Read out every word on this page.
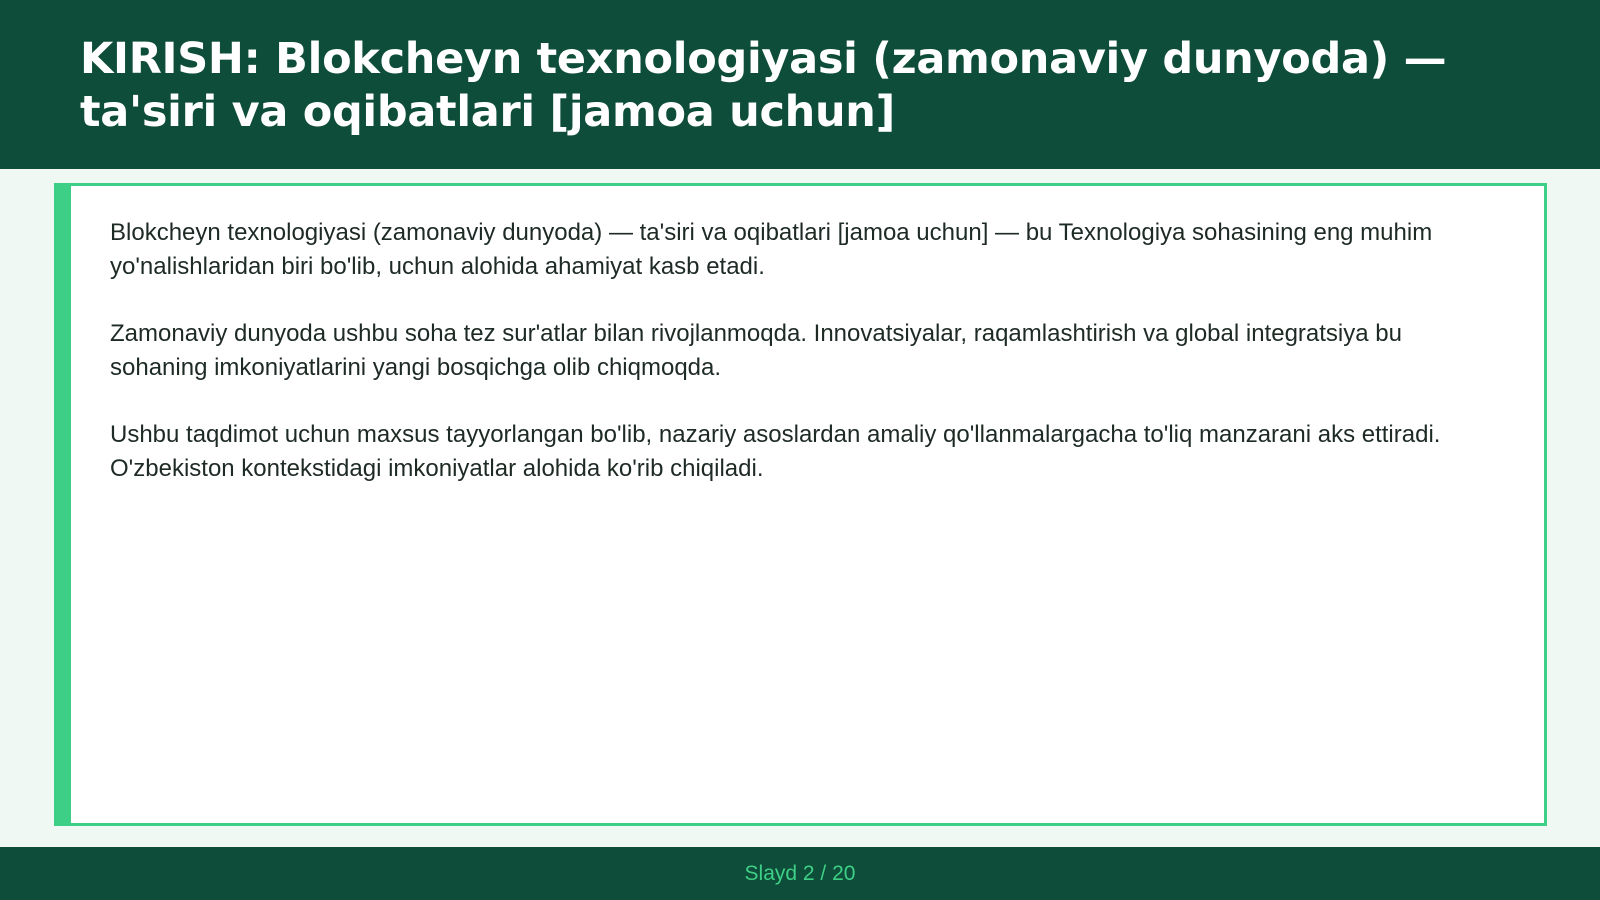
KIRISH: Blokcheyn texnologiyasi (zamonaviy dunyoda) — ta'siri va oqibatlari [jamoa uchun]

Blokcheyn texnologiyasi (zamonaviy dunyoda) — ta'siri va oqibatlari [jamoa uchun] — bu Texnologiya sohasining eng muhim yo'nalishlaridan biri bo'lib, uchun alohida ahamiyat kasb etadi.

Zamonaviy dunyoda ushbu soha tez sur'atlar bilan rivojlanmoqda. Innovatsiyalar, raqamlashtirish va global integratsiya bu sohaning imkoniyatlarini yangi bosqichga olib chiqmoqda.

Ushbu taqdimot uchun maxsus tayyorlangan bo'lib, nazariy asoslardan amaliy qo'llanmalargacha to'liq manzarani aks ettiradi. O'zbekiston kontekstidagi imkoniyatlar alohida ko'rib chiqiladi.

Slayd 2 / 20
